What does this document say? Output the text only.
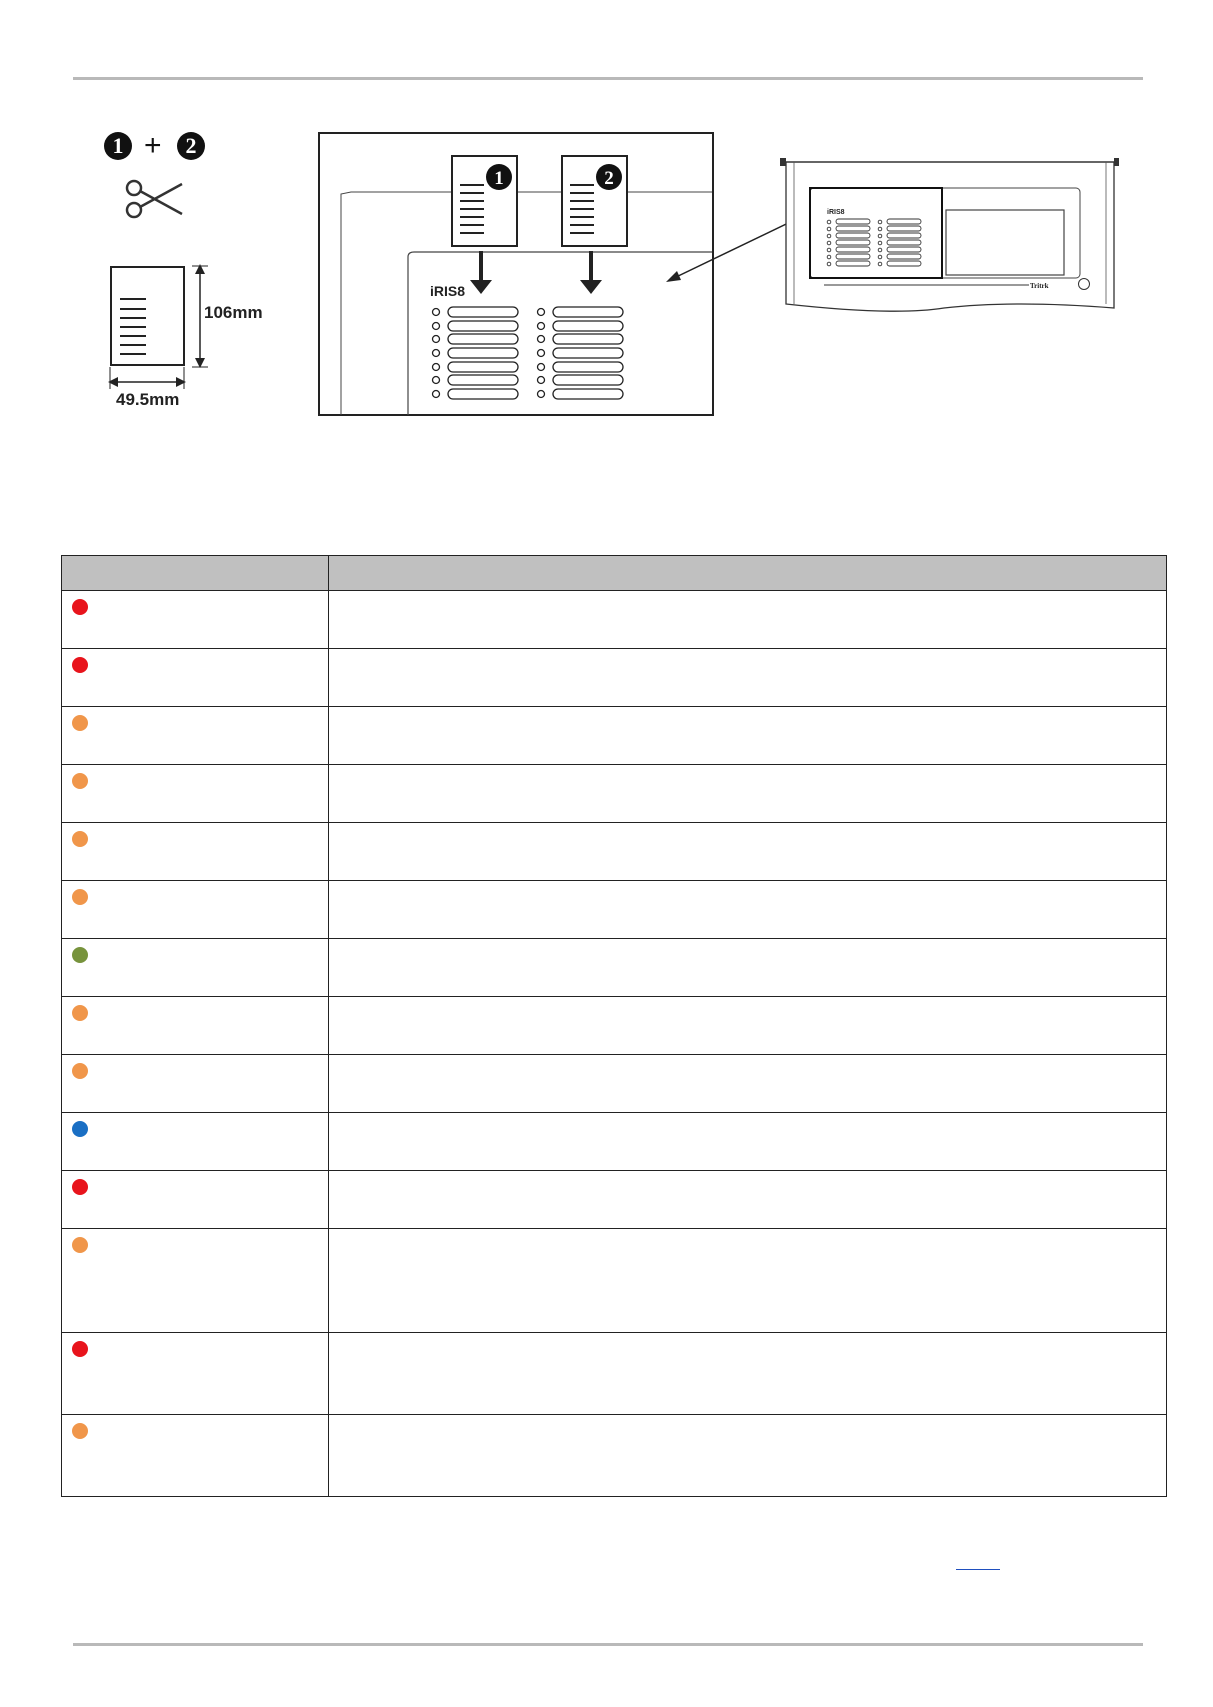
1 +	2
106mm
49.5mm
1	2
iRIS8
iRIS8
Tritrk
